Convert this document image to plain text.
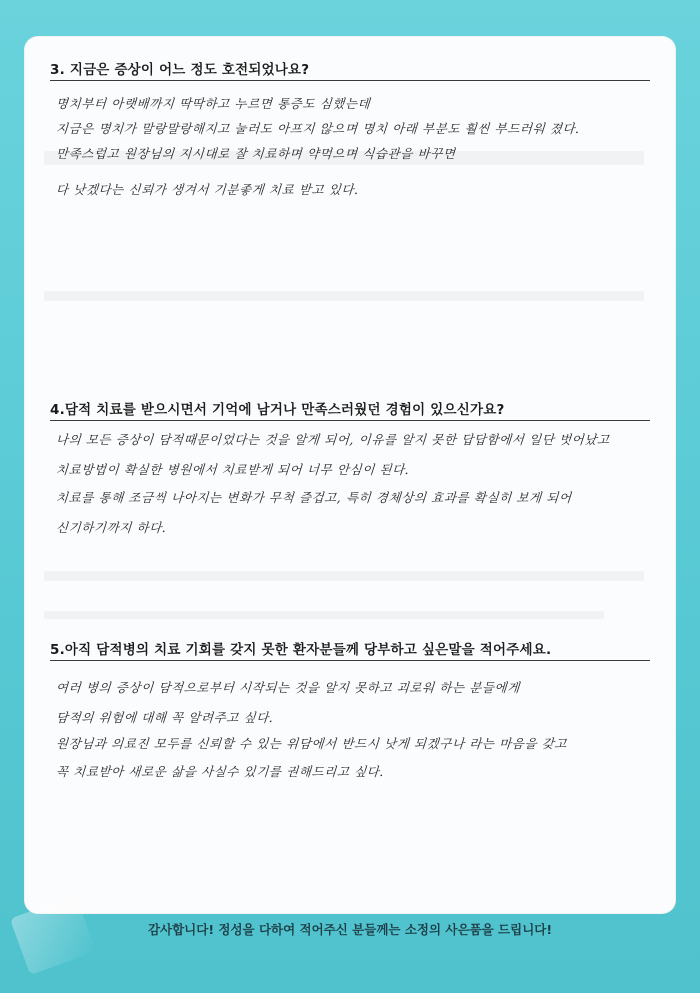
3. 지금은 증상이 어느 정도 호전되었나요?
명치부터 아랫배까지 딱딱하고 누르면 통증도 심했는데
지금은 명치가 말랑말랑해지고 눌러도 아프지 않으며 명치 아래 부분도 훨씬 부드러워 졌다.
만족스럽고 원장님의 지시대로 잘 치료하며 약먹으며 식습관을 바꾸면
다 낫겠다는 신뢰가 생겨서 기분좋게 치료 받고 있다.
4.담적 치료를 받으시면서 기억에 남거나 만족스러웠던 경험이 있으신가요?
나의 모든 증상이 담적때문이었다는 것을 알게 되어, 이유를 알지 못한 답답함에서 일단 벗어났고
치료방법이 확실한 병원에서 치료받게 되어 너무 안심이 된다.
치료를 통해 조금씩 나아지는 변화가 무척 즐겁고, 특히 경체상의 효과를 확실히 보게 되어
신기하기까지 하다.
5.아직 담적병의 치료 기회를 갖지 못한 환자분들께 당부하고 싶은말을 적어주세요.
여러 병의 증상이 담적으로부터 시작되는 것을 알지 못하고 괴로워 하는 분들에게
담적의 위험에 대해 꼭 알려주고 싶다.
원장님과 의료진 모두를 신뢰할 수 있는 위담에서 반드시 낫게 되겠구나 라는 마음을 갖고
꼭 치료받아 새로운 삶을 사실수 있기를 권해드리고 싶다.
감사합니다! 정성을 다하여 적어주신 분들께는 소정의 사은품을 드립니다!
